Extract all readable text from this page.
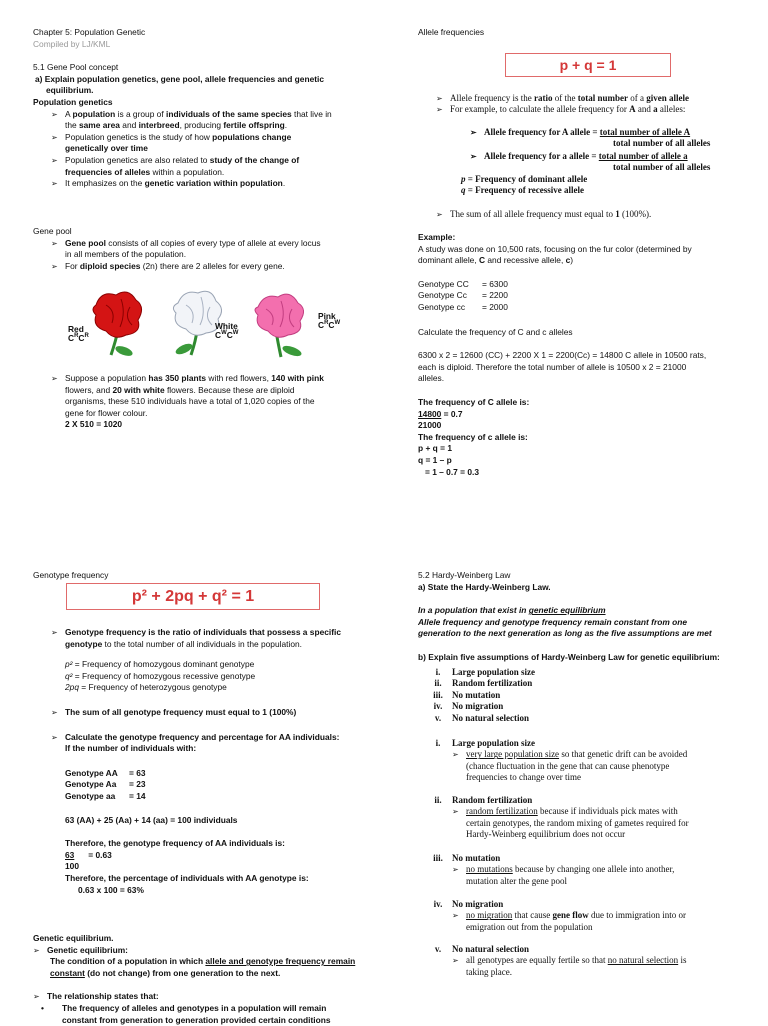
Chapter 5: Population Genetic
Compiled by LJ/KML
5.1 Gene Pool concept
a) Explain population genetics, gene pool, allele frequencies and genetic
equilibrium.
Population genetics
➢ A population is a group of individuals of the same species that live in
the same area and interbreed, producing fertile offspring.
➢ Population genetics is the study of how populations change
genetically over time
➢ Population genetics are also related to study of the change of
frequencies of alleles within a population.
➢ It emphasizes on the genetic variation within population.
Gene pool
➢ Gene pool consists of all copies of every type of allele at every locus
in all members of the population.
➢ For diploid species (2n) there are 2 alleles for every gene.
Red
$C^RC^R$
White
$C^WC^W$
Pink
$C^RC^W$
➢ Suppose a population has 350 plants with red flowers, 140 with pink
flowers, and 20 with white flowers. Because these are diploid
organisms, these 510 individuals have a total of 1,020 copies of the
gene for flower colour.
2 X 510 = 1020
Allele frequencies
p + q = 1
➢ Allele frequency is the ratio of the total number of a given allele
➢ For example, to calculate the allele frequency for A and a alleles:
➢ Allele frequency for A allele = total number of allele A
total number of all alleles
➢ Allele frequency for a allele = total number of allele a
total number of all alleles
p = Frequency of dominant allele
q = Frequency of recessive allele
➢ The sum of all allele frequency must equal to 1 (100%).
Example:
A study was done on 10,500 rats, focusing on the fur color (determined by
dominant allele, C and recessive allele, c)
Genotype CC	= 6300
Genotype Cc	= 2200
Genotype cc	= 2000
Calculate the frequency of C and c alleles
6300 x 2 = 12600 (CC) + 2200 X 1 = 2200(Cc) = 14800 C allele in 10500 rats,
each is diploid. Therefore the total number of allele is 10500 x 2 = 21000
alleles.
The frequency of C allele is:
14800 = 0.7
21000
The frequency of c allele is:
p + q = 1
q = 1 – p
= 1 – 0.7 = 0.3
Genotype frequency
p² + 2pq + q² = 1
➢ Genotype frequency is the ratio of individuals that possess a specific
genotype to the total number of all individuals in the population.
p² = Frequency of homozygous dominant genotype
q² = Frequency of homozygous recessive genotype
2pq = Frequency of heterozygous genotype
➢ The sum of all genotype frequency must equal to 1 (100%)
➢ Calculate the genotype frequency and percentage for AA individuals:
If the number of individuals with:
Genotype AA	= 63
Genotype Aa	= 23
Genotype aa	= 14
63 (AA) + 25 (Aa) + 14 (aa) = 100 individuals
Therefore, the genotype frequency of AA individuals is:
63      = 0.63
100
Therefore, the percentage of individuals with AA genotype is:
0.63 x 100 = 63%
Genetic equilibrium.
➢ Genetic equilibrium:
The condition of a population in which allele and genotype frequency remain
constant (do not change) from one generation to the next.
➢ The relationship states that:
•	The frequency of alleles and genotypes in a population will remain
constant from generation to generation provided certain conditions
5.2 Hardy-Weinberg Law
a) State the Hardy-Weinberg Law.
In a population that exist in genetic equilibrium
Allele frequency and genotype frequency remain constant from one
generation to the next generation as long as the five assumptions are met
b) Explain five assumptions of Hardy-Weinberg Law for genetic equilibrium:
i.	Large population size
ii.	Random fertilization
iii.	No mutation
iv.	No migration
v.	No natural selection
i.	Large population size
➢ very large population size so that genetic drift can be avoided
(chance fluctuation in the gene that can cause phenotype
frequencies to change over time
ii.	Random fertilization
➢ random fertilization because if individuals pick mates with
certain genotypes, the random mixing of gametes required for
Hardy-Weinberg equilibrium does not occur
iii.	No mutation
➢ no mutations because by changing one allele into another,
mutation alter the gene pool
iv.	No migration
➢ no migration that cause gene flow due to immigration into or
emigration out from the population
v.	No natural selection
➢ all genotypes are equally fertile so that no natural selection is
taking place.
